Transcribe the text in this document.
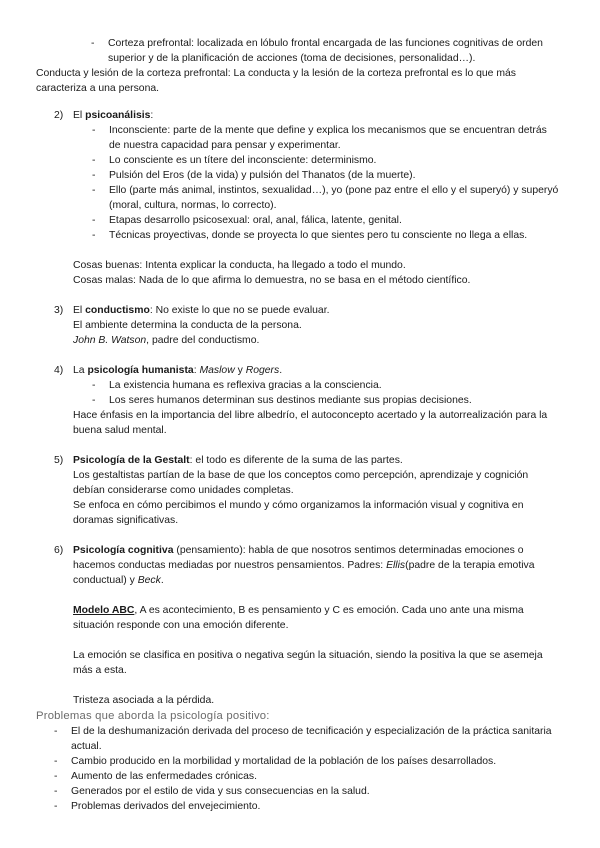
- Corteza prefrontal: localizada en lóbulo frontal encargada de las funciones cognitivas de orden superior y de la planificación de acciones (toma de decisiones, personalidad…).
Conducta y lesión de la corteza prefrontal: La conducta y la lesión de la corteza prefrontal es lo que más caracteriza a una persona.
2) El psicoanálisis:
- Inconsciente: parte de la mente que define y explica los mecanismos que se encuentran detrás de nuestra capacidad para pensar y experimentar.
- Lo consciente es un títere del inconsciente: determinismo.
- Pulsión del Eros (de la vida) y pulsión del Thanatos (de la muerte).
- Ello (parte más animal, instintos, sexualidad…), yo (pone paz entre el ello y el superyó) y superyó (moral, cultura, normas, lo correcto).
- Etapas desarrollo psicosexual: oral, anal, fálica, latente, genital.
- Técnicas proyectivas, donde se proyecta lo que sientes pero tu consciente no llega a ellas.
Cosas buenas: Intenta explicar la conducta, ha llegado a todo el mundo.
Cosas malas: Nada de lo que afirma lo demuestra, no se basa en el método científico.
3) El conductismo: No existe lo que no se puede evaluar.
El ambiente determina la conducta de la persona.
John B. Watson, padre del conductismo.
4) La psicología humanista: Maslow y Rogers.
- La existencia humana es reflexiva gracias a la consciencia.
- Los seres humanos determinan sus destinos mediante sus propias decisiones.
Hace énfasis en la importancia del libre albedrío, el autoconcepto acertado y la autorrealización para la buena salud mental.
5) Psicología de la Gestalt: el todo es diferente de la suma de las partes.
Los gestaltistas partían de la base de que los conceptos como percepción, aprendizaje y cognición debían considerarse como unidades completas.
Se enfoca en cómo percibimos el mundo y cómo organizamos la información visual y cognitiva en doramas significativas.
6) Psicología cognitiva (pensamiento): habla de que nosotros sentimos determinadas emociones o hacemos conductas mediadas por nuestros pensamientos. Padres: Ellis(padre de la terapia emotiva conductual) y Beck.
Modelo ABC, A es acontecimiento, B es pensamiento y C es emoción. Cada uno ante una misma situación responde con una emoción diferente.
La emoción se clasifica en positiva o negativa según la situación, siendo la positiva la que se asemeja más a esta.
Tristeza asociada a la pérdida.
Problemas que aborda la psicología positivo:
- El de la deshumanización derivada del proceso de tecnificación y especialización de la práctica sanitaria actual.
- Cambio producido en la morbilidad y mortalidad de la población de los países desarrollados.
- Aumento de las enfermedades crónicas.
- Generados por el estilo de vida y sus consecuencias en la salud.
- Problemas derivados del envejecimiento.
